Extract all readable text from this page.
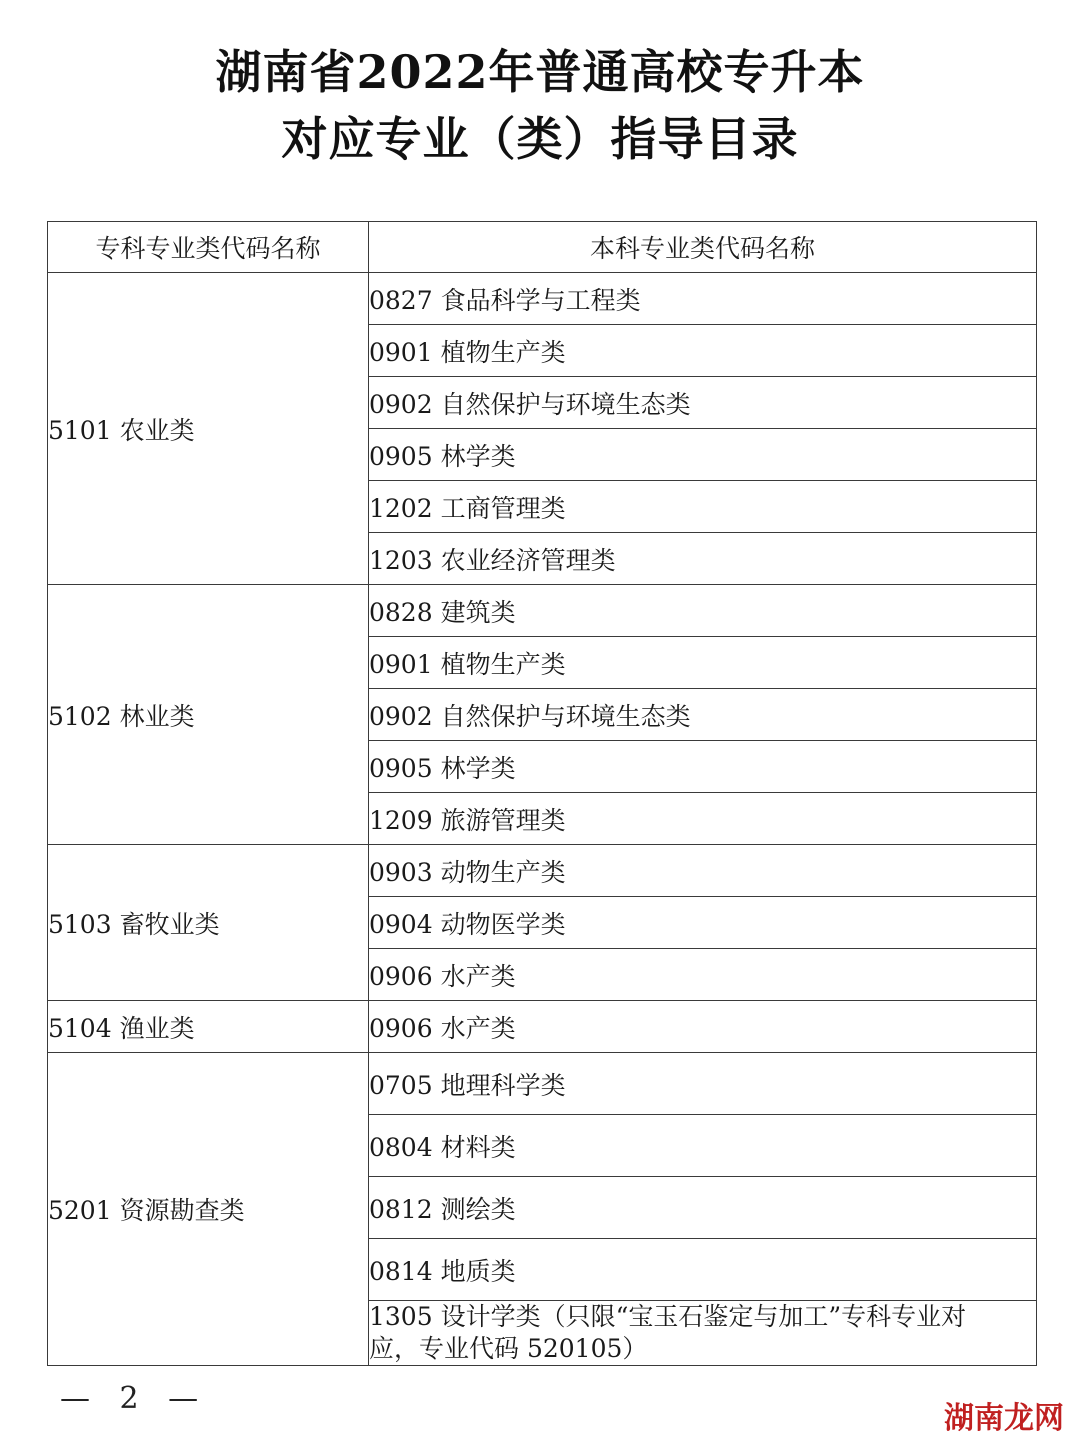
湖南省2022年普通高校专升本
对应专业（类）指导目录
专科专业类代码名称	本科专业类代码名称
5101 农业类	0827 食品科学与工程类
	0901 植物生产类
	0902 自然保护与环境生态类
	0905 林学类
	1202 工商管理类
	1203 农业经济管理类
5102 林业类	0828 建筑类
	0901 植物生产类
	0902 自然保护与环境生态类
	0905 林学类
	1209 旅游管理类
5103 畜牧业类	0903 动物生产类
	0904 动物医学类
	0906 水产类
5104 渔业类	0906 水产类
5201 资源勘查类	0705 地理科学类
	0804 材料类
	0812 测绘类
	0814 地质类
	1305 设计学类（只限“宝玉石鉴定与加工”专科专业对应，专业代码 520105）
— 2 —
湖南龙网
